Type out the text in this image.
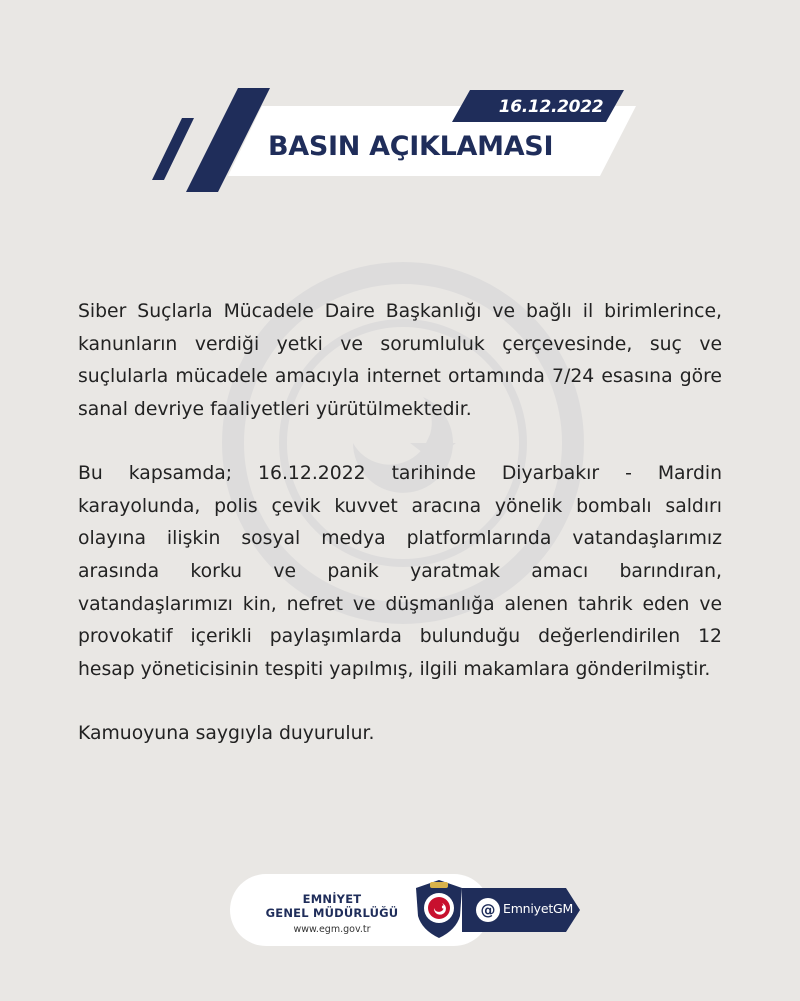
16.12.2022
BASIN AÇIKLAMASI

Siber Suçlarla Mücadele Daire Başkanlığı ve bağlı il birimlerince, kanunların verdiği yetki ve sorumluluk çerçevesinde, suç ve suçlularla mücadele amacıyla internet ortamında 7/24 esasına göre sanal devriye faaliyetleri yürütülmektedir.

Bu kapsamda; 16.12.2022 tarihinde Diyarbakır - Mardin karayolunda, polis çevik kuvvet aracına yönelik bombalı saldırı olayına ilişkin sosyal medya platformlarında vatandaşlarımız arasında korku ve panik yaratmak amacı barındıran, vatandaşlarımızı kin, nefret ve düşmanlığa alenen tahrik eden ve provokatif içerikli paylaşımlarda bulunduğu değerlendirilen 12 hesap yöneticisinin tespiti yapılmış, ilgili makamlara gönderilmiştir.

Kamuoyuna saygıyla duyurulur.

EMNİYET
GENEL MÜDÜRLÜĞÜ
www.egm.gov.tr
@ EmniyetGM
